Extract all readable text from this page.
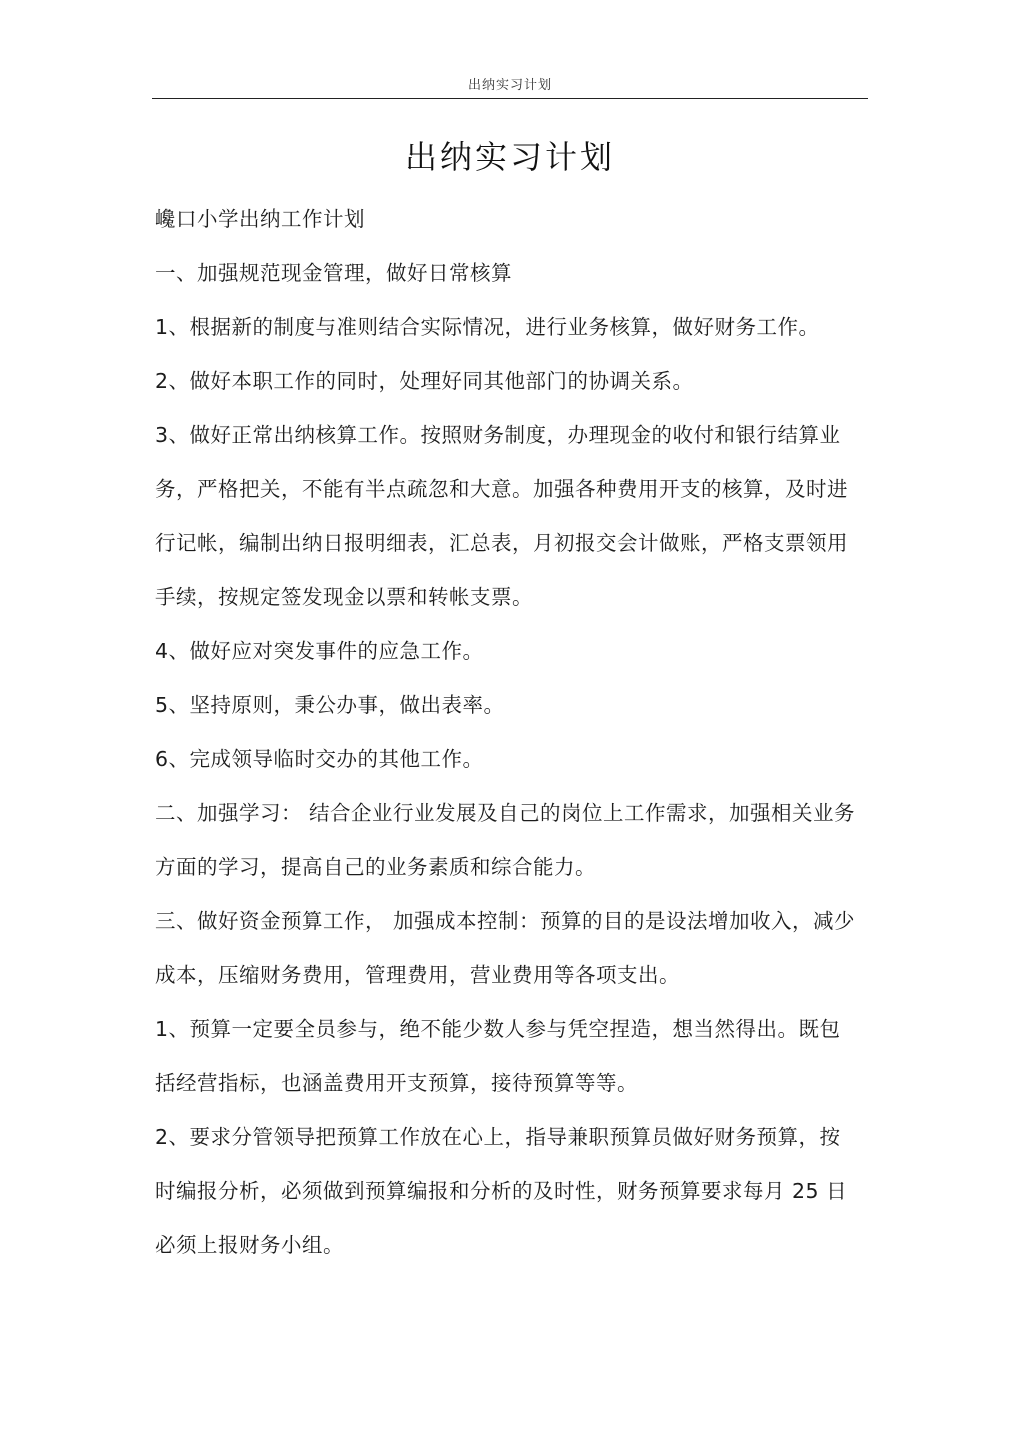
出纳实习计划
出纳实习计划

巉口小学出纳工作计划

一、加强规范现金管理，做好日常核算

1、根据新的制度与准则结合实际情况，进行业务核算，做好财务工作。

2、做好本职工作的同时，处理好同其他部门的协调关系。

3、做好正常出纳核算工作。按照财务制度，办理现金的收付和银行结算业务，严格把关，不能有半点疏忽和大意。加强各种费用开支的核算，及时进行记帐，编制出纳日报明细表，汇总表，月初报交会计做账，严格支票领用手续，按规定签发现金以票和转帐支票。

4、做好应对突发事件的应急工作。

5、坚持原则，秉公办事，做出表率。

6、完成领导临时交办的其他工作。

二、加强学习： 结合企业行业发展及自己的岗位上工作需求，加强相关业务方面的学习，提高自己的业务素质和综合能力。

三、做好资金预算工作， 加强成本控制：预算的目的是设法增加收入，减少成本，压缩财务费用，管理费用，营业费用等各项支出。

1、预算一定要全员参与，绝不能少数人参与凭空捏造，想当然得出。既包括经营指标，也涵盖费用开支预算，接待预算等等。

2、要求分管领导把预算工作放在心上，指导兼职预算员做好财务预算，按时编报分析，必须做到预算编报和分析的及时性，财务预算要求每月 25 日必须上报财务小组。
